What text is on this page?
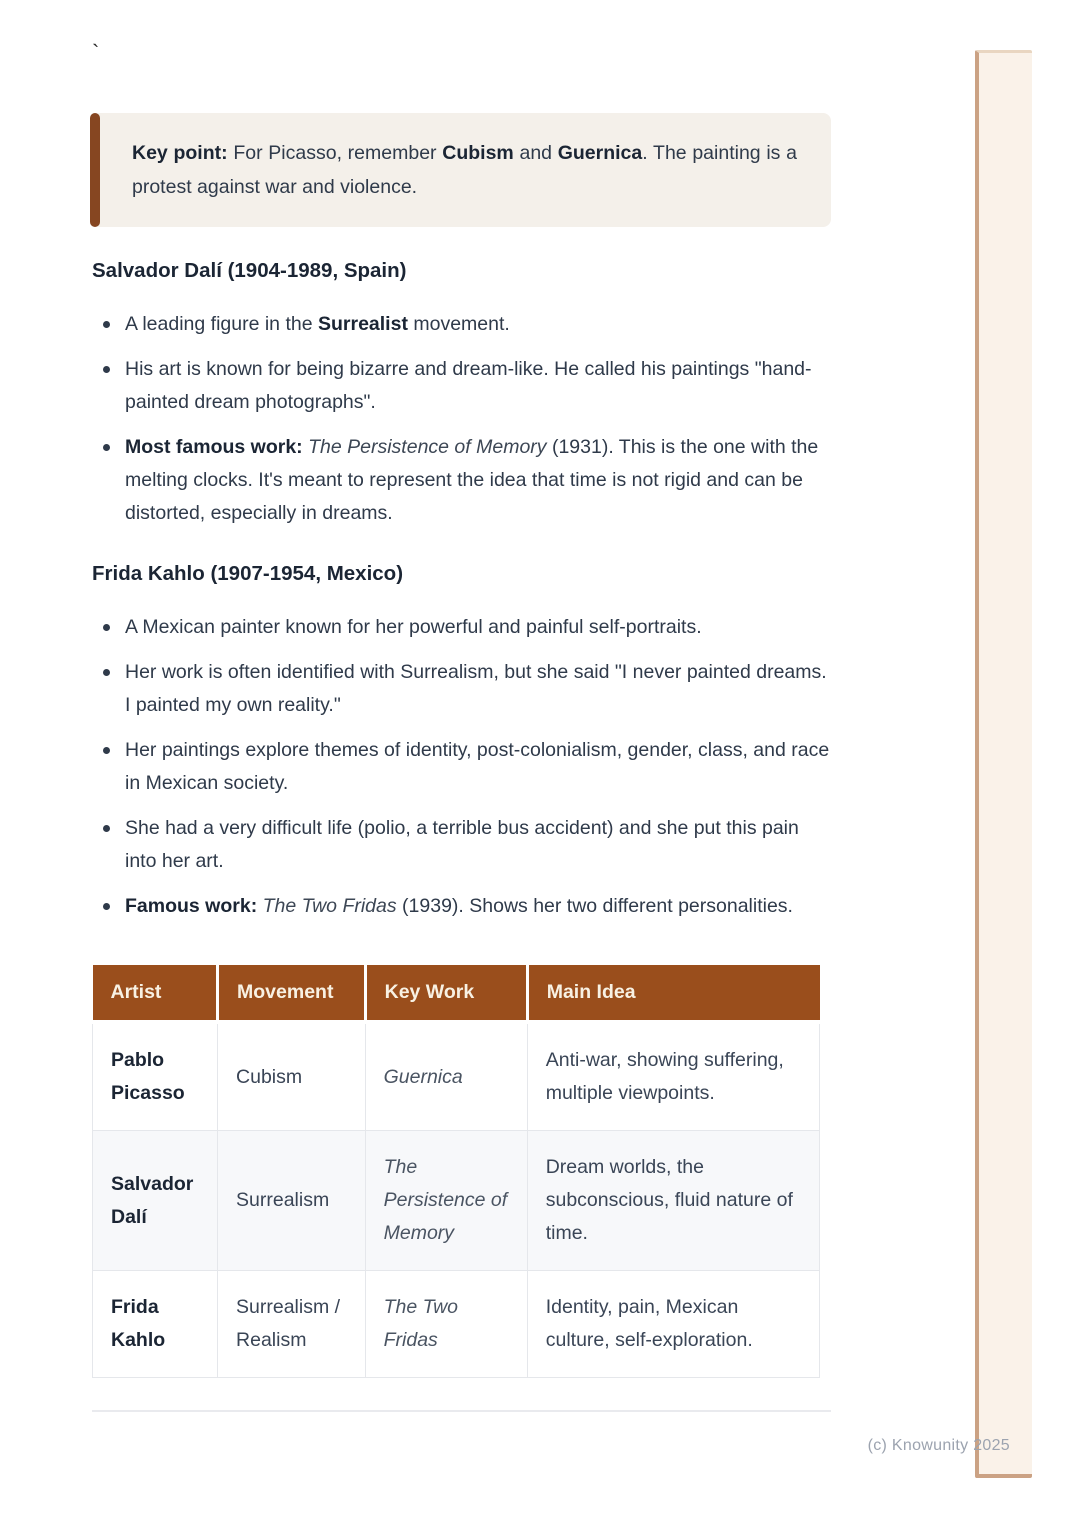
`
Key point: For Picasso, remember Cubism and Guernica. The painting is a protest against war and violence.
Salvador Dalí (1904-1989, Spain)
A leading figure in the Surrealist movement.
His art is known for being bizarre and dream-like. He called his paintings "hand-painted dream photographs".
Most famous work: The Persistence of Memory (1931). This is the one with the melting clocks. It's meant to represent the idea that time is not rigid and can be distorted, especially in dreams.
Frida Kahlo (1907-1954, Mexico)
A Mexican painter known for her powerful and painful self-portraits.
Her work is often identified with Surrealism, but she said "I never painted dreams. I painted my own reality."
Her paintings explore themes of identity, post-colonialism, gender, class, and race in Mexican society.
She had a very difficult life (polio, a terrible bus accident) and she put this pain into her art.
Famous work: The Two Fridas (1939). Shows her two different personalities.
Artist	Movement	Key Work	Main Idea
Pablo Picasso	Cubism	Guernica	Anti-war, showing suffering, multiple viewpoints.
Salvador Dalí	Surrealism	The Persistence of Memory	Dream worlds, the subconscious, fluid nature of time.
Frida Kahlo	Surrealism / Realism	The Two Fridas	Identity, pain, Mexican culture, self-exploration.
(c) Knowunity 2025
